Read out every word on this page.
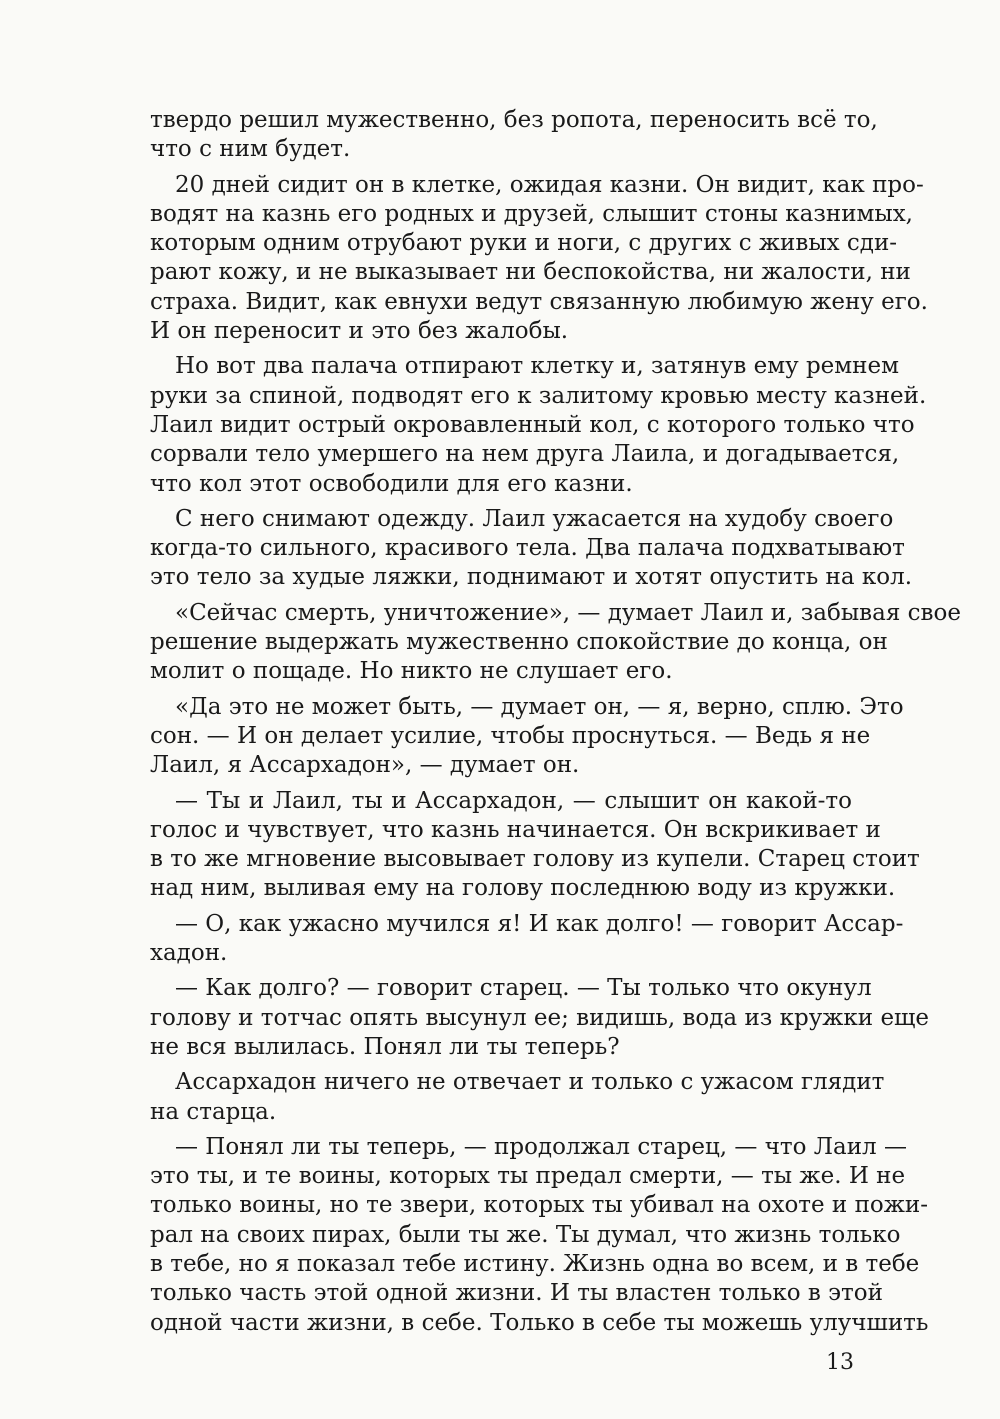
твердо решил мужественно, без ропота, переносить всё то,
что с ним будет.
20 дней сидит он в клетке, ожидая казни. Он видит, как про-
водят на казнь его родных и друзей, слышит стоны казнимых,
которым одним отрубают руки и ноги, с других с живых сди-
рают кожу, и не выказывает ни беспокойства, ни жалости, ни
страха. Видит, как евнухи ведут связанную любимую жену его.
И он переносит и это без жалобы.
Но вот два палача отпирают клетку и, затянув ему ремнем
руки за спиной, подводят его к залитому кровью месту казней.
Лаил видит острый окровавленный кол, с которого только что
сорвали тело умершего на нем друга Лаила, и догадывается,
что кол этот освободили для его казни.
С него снимают одежду. Лаил ужасается на худобу своего
когда-то сильного, красивого тела. Два палача подхватывают
это тело за худые ляжки, поднимают и хотят опустить на кол.
«Сейчас смерть, уничтожение», — думает Лаил и, забывая свое
решение выдержать мужественно спокойствие до конца, он
молит о пощаде. Но никто не слушает его.
«Да это не может быть, — думает он, — я, верно, сплю. Это
сон. — И он делает усилие, чтобы проснуться. — Ведь я не
Лаил, я Ассархадон», — думает он.
— Ты и Лаил, ты и Ассархадон, — слышит он какой-то
голос и чувствует, что казнь начинается. Он вскрикивает и
в то же мгновение высовывает голову из купели. Старец стоит
над ним, выливая ему на голову последнюю воду из кружки.
— О, как ужасно мучился я! И как долго! — говорит Ассар-
хадон.
— Как долго? — говорит старец. — Ты только что окунул
голову и тотчас опять высунул ее; видишь, вода из кружки еще
не вся вылилась. Понял ли ты теперь?
Ассархадон ничего не отвечает и только с ужасом глядит
на старца.
— Понял ли ты теперь, — продолжал старец, — что Лаил —
это ты, и те воины, которых ты предал смерти, — ты же. И не
только воины, но те звери, которых ты убивал на охоте и пожи-
рал на своих пирах, были ты же. Ты думал, что жизнь только
в тебе, но я показал тебе истину. Жизнь одна во всем, и в тебе
только часть этой одной жизни. И ты властен только в этой
одной части жизни, в себе. Только в себе ты можешь улучшить
13
